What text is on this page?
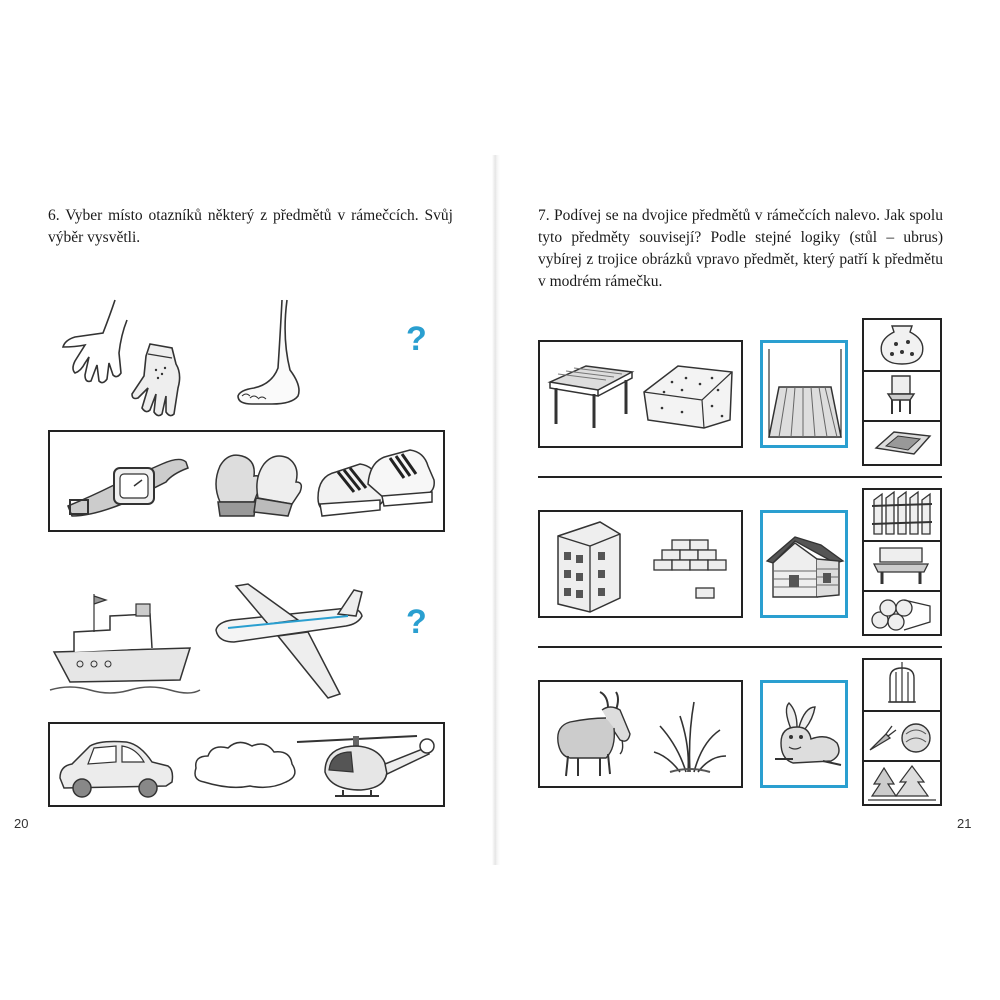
6. Vyber místo otazníků některý z předmětů v rámečcích. Svůj výběr vysvětli.
?
?
20
7. Podívej se na dvojice předmětů v rámečcích nalevo. Jak spolu tyto předměty souvisejí? Podle stejné logiky (stůl – ubrus) vybírej z trojice obrázků vpravo předmět, který patří k předmětu v modrém rámečku.
21
